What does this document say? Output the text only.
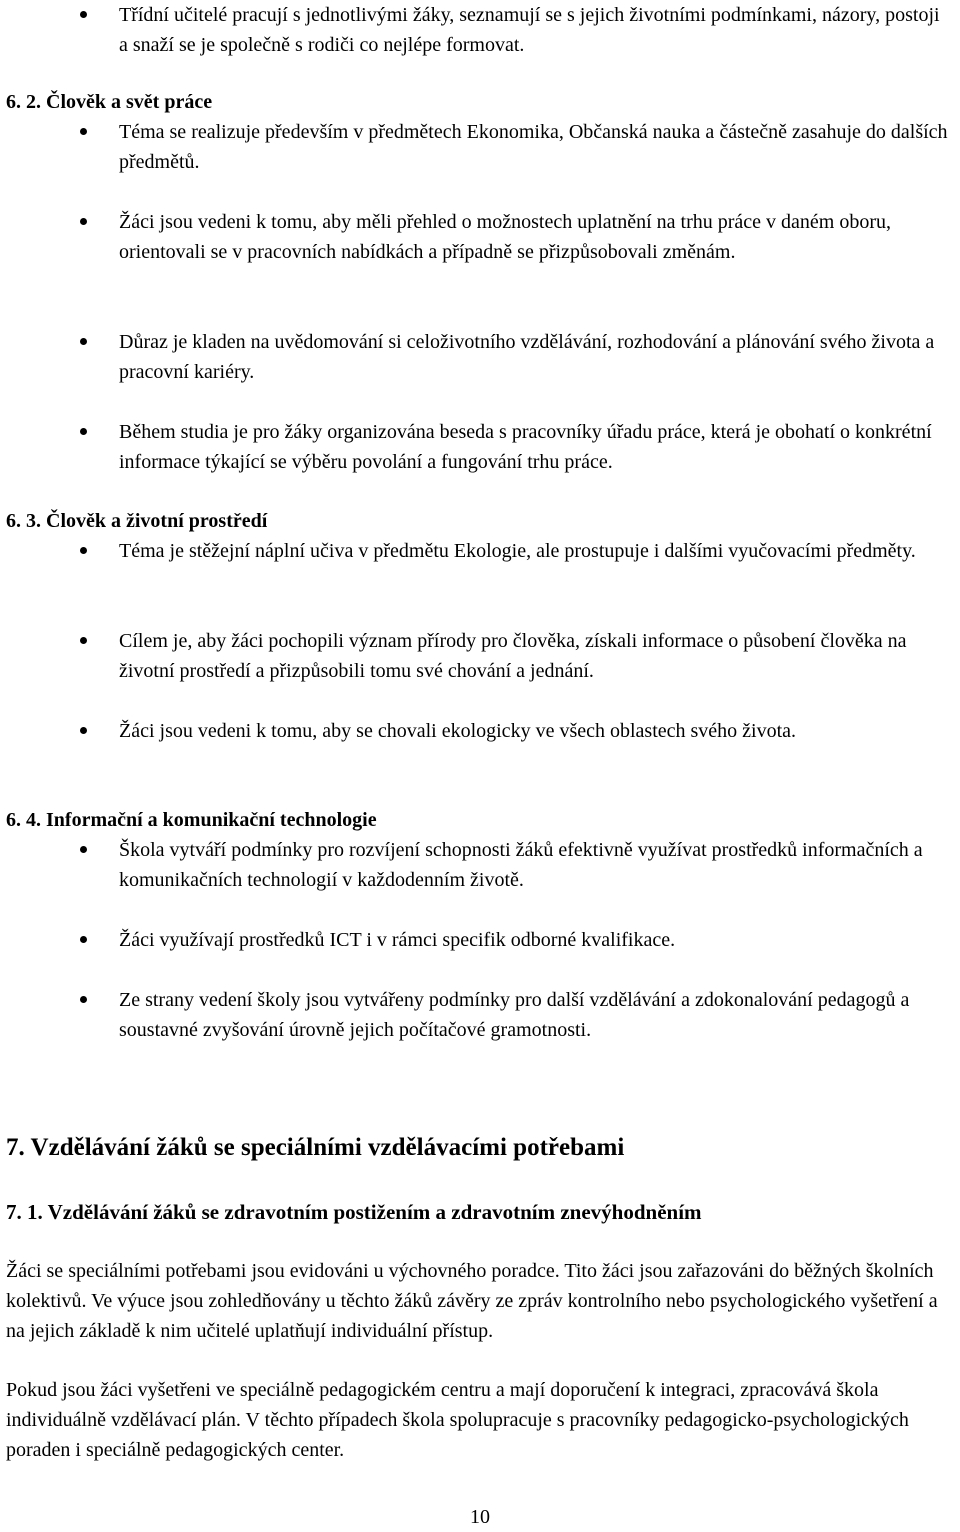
Třídní učitelé pracují s jednotlivými žáky, seznamují se s jejich životními podmínkami, názory, postoji a snaží se je společně s rodiči co nejlépe formovat.
6. 2. Člověk a svět práce
Téma se realizuje především v předmětech Ekonomika, Občanská nauka a částečně zasahuje do dalších předmětů.
Žáci jsou vedeni k tomu, aby měli přehled o možnostech uplatnění na trhu práce v daném oboru, orientovali se v pracovních nabídkách a případně se přizpůsobovali změnám.
Důraz je kladen na uvědomování si celoživotního vzdělávání, rozhodování a plánování svého života a pracovní kariéry.
Během studia je pro žáky organizována beseda s pracovníky úřadu práce, která je obohatí o konkrétní informace týkající se výběru povolání a fungování trhu práce.
6. 3. Člověk a životní prostředí
Téma je stěžejní náplní učiva v předmětu Ekologie, ale prostupuje i dalšími vyučovacími předměty.
Cílem je, aby žáci pochopili význam přírody pro člověka, získali informace o působení člověka na životní prostředí a přizpůsobili tomu své chování a jednání.
Žáci jsou vedeni k tomu, aby se chovali ekologicky ve všech oblastech svého života.
6. 4. Informační a komunikační technologie
Škola vytváří podmínky pro rozvíjení schopnosti žáků efektivně využívat prostředků informačních a komunikačních technologií v každodenním životě.
Žáci využívají prostředků ICT i v rámci specifik odborné kvalifikace.
Ze strany vedení školy jsou vytvářeny podmínky pro další vzdělávání a zdokonalování pedagogů a soustavné zvyšování úrovně jejich počítačové gramotnosti.
7. Vzdělávání žáků se speciálními vzdělávacími potřebami
7. 1. Vzdělávání žáků se zdravotním postižením a zdravotním znevýhodněním
Žáci se speciálními potřebami jsou evidováni u výchovného poradce. Tito žáci jsou zařazováni do běžných školních kolektivů. Ve výuce jsou zohledňovány u těchto žáků závěry ze zpráv kontrolního nebo psychologického vyšetření a na jejich základě k nim učitelé uplatňují individuální přístup.
Pokud jsou žáci vyšetřeni ve speciálně pedagogickém centru a mají doporučení k integraci, zpracovává škola individuálně vzdělávací plán. V těchto případech škola spolupracuje s pracovníky pedagogicko-psychologických poraden i speciálně pedagogických center.
10
